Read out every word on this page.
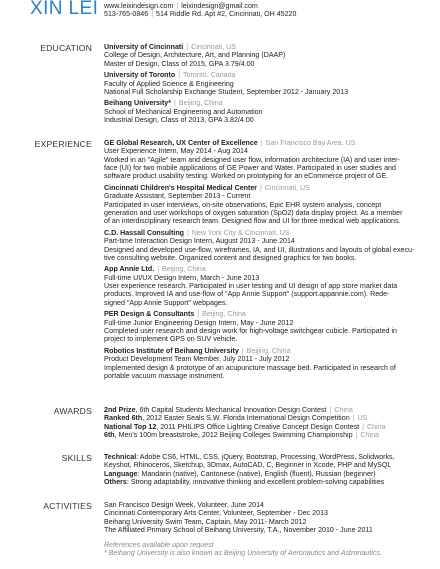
XIN LEI www.leixindesign.com | leixindesign@gmail.com
513-765-0846 | 514 Riddle Rd. Apt #2, Cincinnati, OH 45220
EDUCATION University of Cincinnati | Cincinnati, US
College of Design, Architecture, Art, and Planning (DAAP)
Master of Design, Class of 2015, GPA 3.79/4.00
University of Toronto | Toronto, Canada
Faculty of Applied Science & Engineering
National Full Scholarship Exchange Student, September 2012 - January 2013
Beihang University* | Beijing, China
School of Mechanical Engineering and Automation
Industrial Design, Class of 2013, GPA 3.82/4.00
EXPERIENCE GE Global Research, UX Center of Excellence | San Francisco Bay Area, US
User Experience Intern, May 2014 - Aug 2014
Worked in an "Agile" team and designed user flow, information architecture (IA) and user inter-
face (UI) for two mobile applications of GE Power and Water. Participated in user studies and
software product usability testing. Worked on prototyping for an eCommerce project of GE.
Cincinnati Children's Hospital Medical Center | Cincinnati, US
Graduate Assistant, September 2013 - Current
Participated in user interviews, on-site observations, Epic EHR system analysis, concept
generation and user workshops of oxygen saturation (SpO2) data display project. As a member
of an interdisciplinary research team. Designed flow and UI for three medical web applications.
C.D. Hassall Consulting | New York City & Cincinnati, US
Part-time Interaction Design Intern, August 2013 - June 2014
Designed and developed use-flow, wireframes, IA, and UI, illustrations and layouts of global execu-
tive consulting website. Organized content and designed graphics for two books.
App Annie Ltd. | Beijing, China
Full-time UI/UX Design Intern, March - June 2013
User experience research. Participated in user testing and UI design of app store market data
products. Improved IA and use-flow of "App Annie Support" (support.appannie.com). Rede-
signed "App Annie Support" webpages.
PER Design & Consultants | Beijing, China
Full-time Junior Engineering Design Intern, May - June 2012
Completed user research and design work for high-voltage switchgear cubicle. Participated in
project to implement GPS on SUV vehicle.
Robotics Institute of Beihang University | Beijing, China
Product Development Team Member, July 2011 - July 2012
Implemented design & prototype of an acupuncture massage bed. Participated in research of
portable vacuum massage instrument.
AWARDS 2nd Prize, 6th Capital Students Mechanical Innovation Design Contest | China
Ranked 6th, 2012 Easter Seals S.W. Florida International Design Competition | US
National Top 12, 2011 PHILIPS Office Lighting Creative Concept Design Contest | China
6th, Men's 100m breaststroke, 2012 Beijing Colleges Swimming Championship | China
SKILLS Technical: Adobe CS6, HTML, CSS, jQuery, Bootstrap, Processing, WordPress, Solidworks,
Keyshot, Rhinoceros, Sketchup, 3Dmax, AutoCAD, C, Beginner in Xcode, PHP and MySQL
Language: Mandarin (native), Cantonese (native), English (fluent), Russian (beginner)
Others: Strong adaptability, innovative thinking and excellent problem-solving capabilities
ACTIVITIES San Francisco Design Week, Volunteer, June 2014
Cincinnati Contemporary Arts Center, Volunteer, September - Dec 2013
Beihang University Swim Team, Captain, May 2011- March 2012
The Affiliated Primary School of Beihang University, T.A., November 2010 - June 2011
References available upon request
* Beihang University is also known as Beijing University of Aeronautics and Astronautics.
